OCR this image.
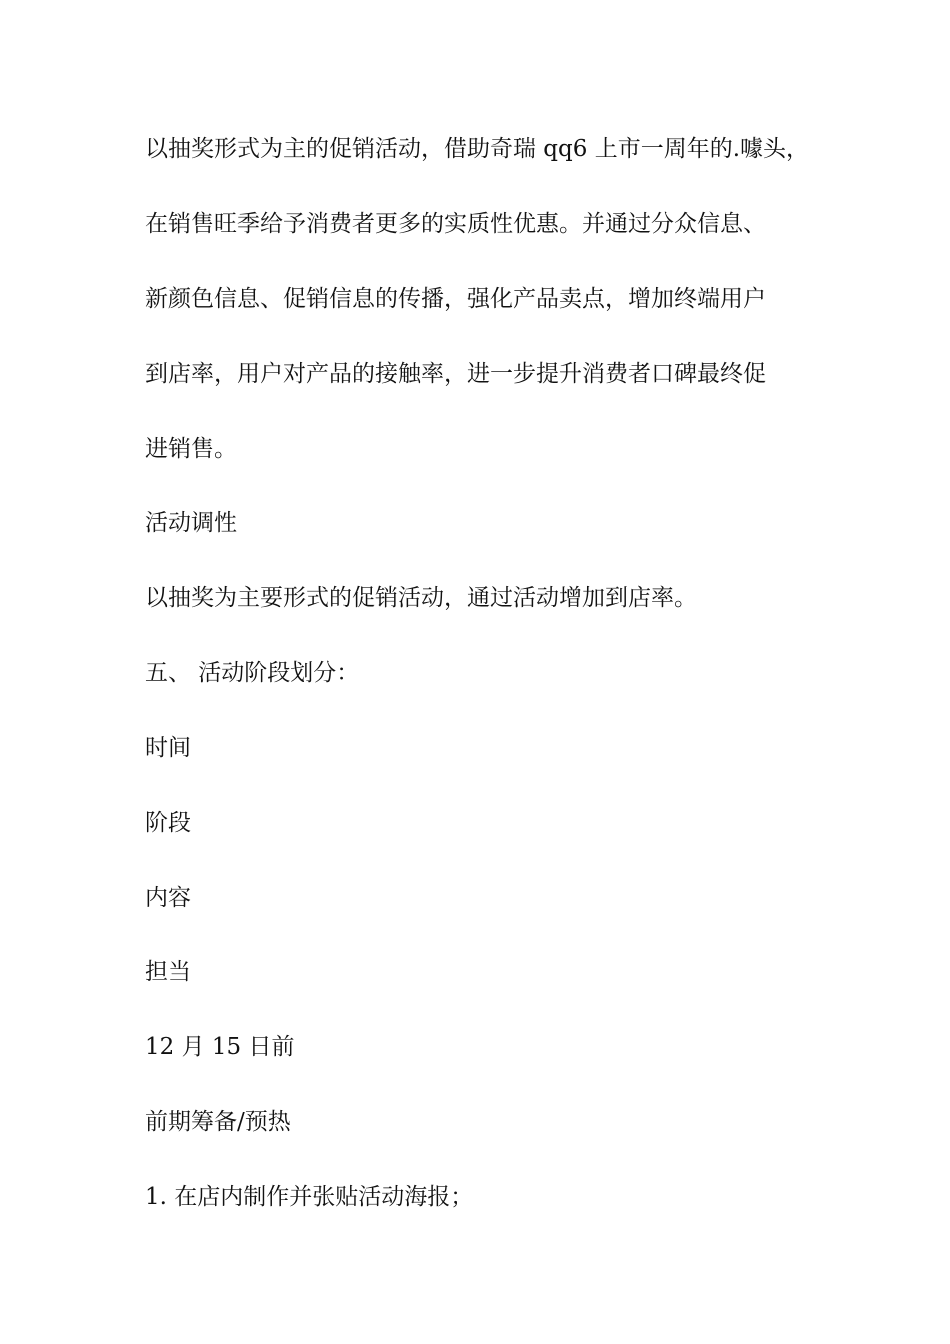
以抽奖形式为主的促销活动，借助奇瑞 qq6 上市一周年的.噱头，
在销售旺季给予消费者更多的实质性优惠。并通过分众信息、
新颜色信息、促销信息的传播，强化产品卖点，增加终端用户
到店率，用户对产品的接触率，进一步提升消费者口碑最终促
进销售。
活动调性
以抽奖为主要形式的促销活动，通过活动增加到店率。
五、 活动阶段划分：
时间
阶段
内容
担当
12 月 15 日前
前期筹备/预热
1. 在店内制作并张贴活动海报；
